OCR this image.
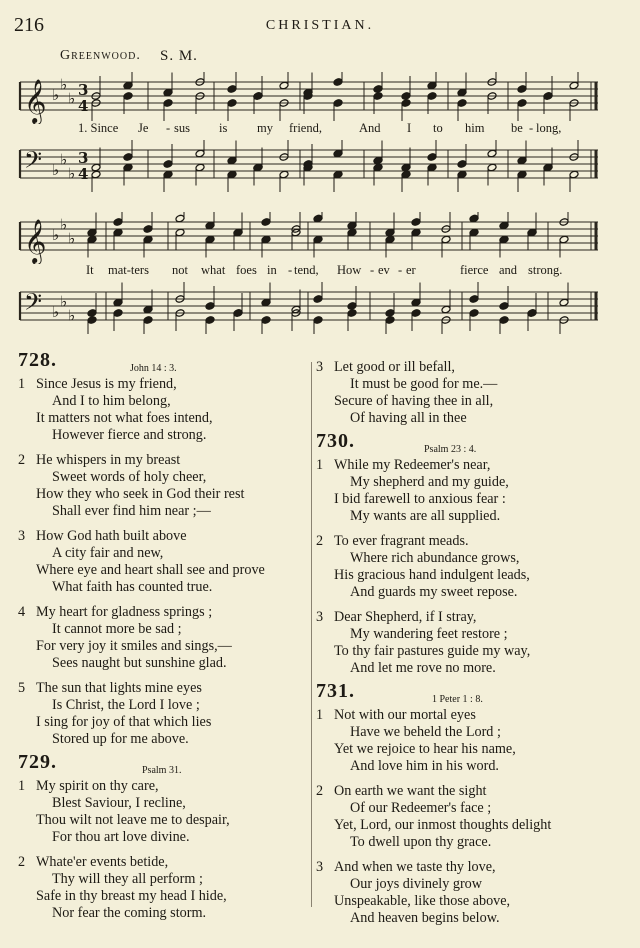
216	CHRISTIAN.
Greenwood. S. M.
𝄞 ♭
♭
♭ 3
4
1. Since Je - sus is my friend,	And I to him be - long,
𝄢 ♭
♭
♭
3
4
𝄞 ♭
♭
♭
It mat-ters not what foes in - tend, How - ev - er	fierce and strong.
𝄢 ♭
♭
♭
728.	John 14 : 3.
1 Since Jesus is my friend,
And I to him belong,
It matters not what foes intend,
However fierce and strong.
2 He whispers in my breast
Sweet words of holy cheer,
How they who seek in God their rest
Shall ever find him near ;—
3 How God hath built above
A city fair and new,
Where eye and heart shall see and prove
What faith has counted true.
4 My heart for gladness springs ;
It cannot more be sad ;
For very joy it smiles and sings,—
Sees naught but sunshine glad.
5 The sun that lights mine eyes
Is Christ, the Lord I love ;
I sing for joy of that which lies
Stored up for me above.
729.	Psalm 31.
1 My spirit on thy care,
Blest Saviour, I recline,
Thou wilt not leave me to despair,
For thou art love divine.
2 Whate'er events betide,
Thy will they all perform ;
Safe in thy breast my head I hide,
Nor fear the coming storm.
3 Let good or ill befall,
It must be good for me.—
Secure of having thee in all,
Of having all in thee
730.	Psalm 23 : 4.
1 While my Redeemer's near,
My shepherd and my guide,
I bid farewell to anxious fear :
My wants are all supplied.
2 To ever fragrant meads.
Where rich abundance grows,
His gracious hand indulgent leads,
And guards my sweet repose.
3 Dear Shepherd, if I stray,
My wandering feet restore ;
To thy fair pastures guide my way,
And let me rove no more.
731.	1 Peter 1 : 8.
1 Not with our mortal eyes
Have we beheld the Lord ;
Yet we rejoice to hear his name,
And love him in his word.
2 On earth we want the sight
Of our Redeemer's face ;
Yet, Lord, our inmost thoughts delight
To dwell upon thy grace.
3 And when we taste thy love,
Our joys divinely grow
Unspeakable, like those above,
And heaven begins below.
